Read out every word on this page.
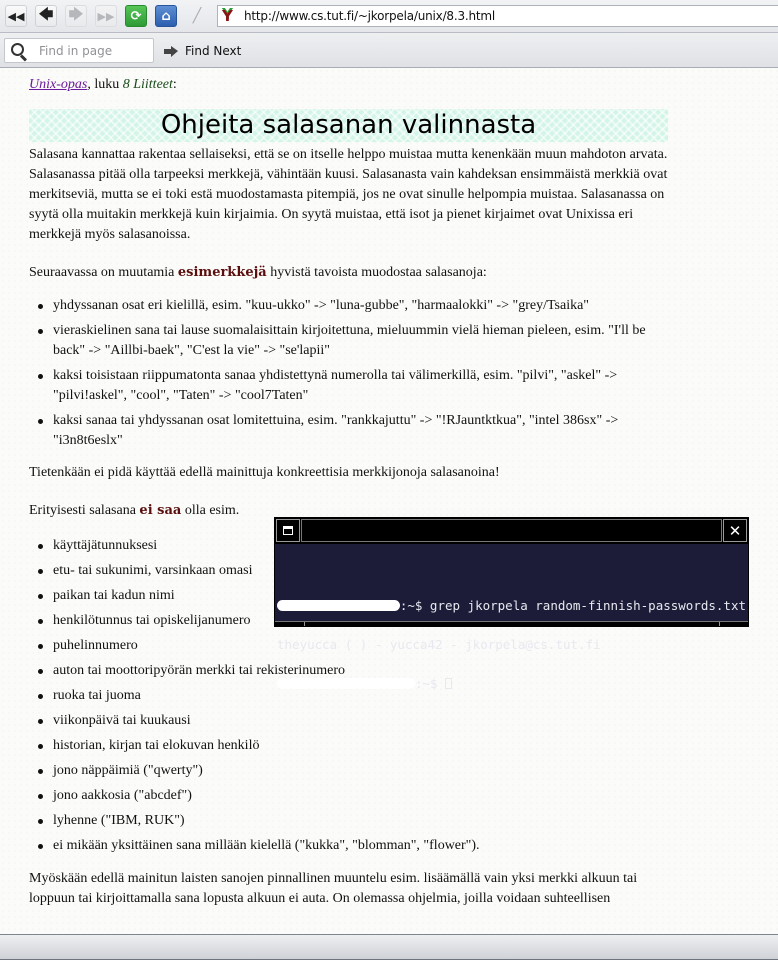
◀◀ 🡄 🡆 ▶▶ ⟳ ⌂ ╱ Y http://www.cs.tut.fi/~jkorpela/unix/8.3.html
Find in page
Find Next
Unix-opas, luku 8 Liitteet:
Ohjeita salasanan valinnasta

Salasana kannattaa rakentaa sellaiseksi, että se on itselle helppo muistaa mutta kenenkään muun mahdoton arvata. Salasanassa pitää olla tarpeeksi merkkejä, vähintään kuusi. Salasanasta vain kahdeksan ensimmäistä merkkiä ovat merkitseviä, mutta se ei toki estä muodostamasta pitempiä, jos ne ovat sinulle helpompia muistaa. Salasanassa on syytä olla muitakin merkkejä kuin kirjaimia. On syytä muistaa, että isot ja pienet kirjaimet ovat Unixissa eri merkkejä myös salasanoissa.

Seuraavassa on muutamia esimerkkejä hyvistä tavoista muodostaa salasanoja:

yhdyssanan osat eri kielillä, esim. "kuu-ukko" -> "luna-gubbe", "harmaalokki" -> "grey/Tsaika"
vieraskielinen sana tai lause suomalaisittain kirjoitettuna, mieluummin vielä hieman pieleen, esim. "I'll be back" -> "Aillbi-baek", "C'est la vie" -> "se'lapii"
kaksi toisistaan riippumatonta sanaa yhdistettynä numerolla tai välimerkillä, esim. "pilvi", "askel" -> "pilvi!askel", "cool", "Taten" -> "cool7Taten"
kaksi sanaa tai yhdyssanan osat lomitettuina, esim. "rankkajuttu" -> "!RJauntktkua", "intel 386sx" -> "i3n8t6eslx"

Tietenkään ei pidä käyttää edellä mainittuja konkreettisia merkkijonoja salasanoina!

Erityisesti salasana ei saa olla esim.

käyttäjätunnuksesi
etu- tai sukunimi, varsinkaan omasi
paikan tai kadun nimi
henkilötunnus tai opiskelijanumero
puhelinnumero
auton tai moottoripyörän merkki tai rekisterinumero
ruoka tai juoma
viikonpäivä tai kuukausi
historian, kirjan tai elokuvan henkilö
jono näppäimiä ("qwerty")
jono aakkosia ("abcdef")
lyhenne ("IBM, RUK")
ei mikään yksittäinen sana millään kielellä ("kukka", "blomman", "flower").

Myöskään edellä mainitun laisten sanojen pinnallinen muuntelu esim. lisäämällä vain yksi merkki alkuun tai loppuun tai kirjoittamalla sana lopusta alkuun ei auta. On olemassa ohjelmia, joilla voidaan suhteellisen

✕

:~$ grep jkorpela random-finnish-passwords.txt

theyucca ( ) - yucca42 - jkorpela@cs.tut.fi

:~$
